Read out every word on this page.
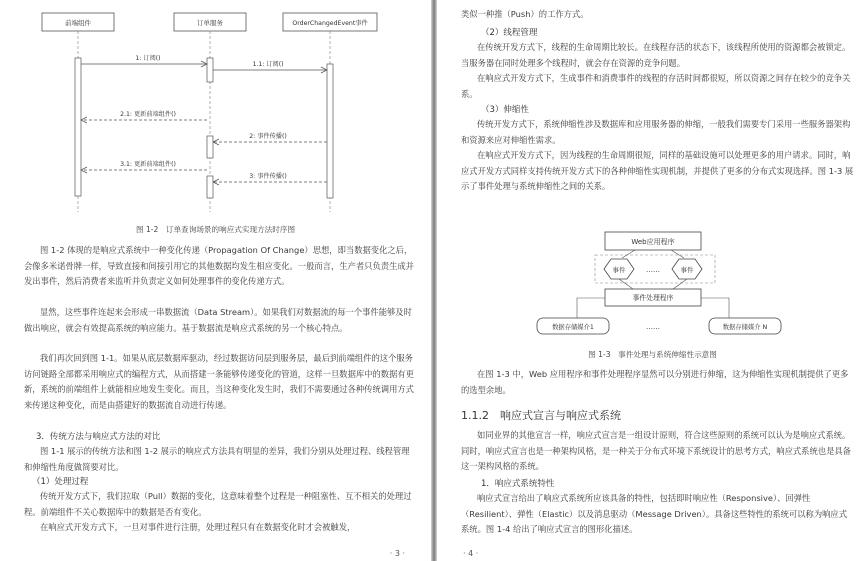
前端组件	订单服务	OrderChangedEvent事件
1: 订阅()
1.1: 订阅()
2: 事件传播()
2.1: 更新前端组件()
3: 事件传播()
3.1: 更新前端组件()
图 1-2　订单查询场景的响应式实现方法时序图

图 1-2 体现的是响应式系统中一种变化传递（Propagation Of Change）思想，即当数据变化之后，会像多米诺骨牌一样，导致直接和间接引用它的其他数据均发生相应变化。一般而言，生产者只负责生成并发出事件，然后消费者来监听并负责定义如何处理事件的变化传递方式。

显然，这些事件连起来会形成一串数据流（Data Stream）。如果我们对数据流的每一个事件能够及时做出响应，就会有效提高系统的响应能力。基于数据流是响应式系统的另一个核心特点。

我们再次回到图 1-1。如果从底层数据库驱动，经过数据访问层到服务层，最后到前端组件的这个服务访问链路全部都采用响应式的编程方式，从而搭建一条能够传递变化的管道，这样一旦数据库中的数据有更新，系统的前端组件上就能相应地发生变化。而且，当这种变化发生时，我们不需要通过各种传统调用方式来传递这种变化，而是由搭建好的数据流自动进行传递。

3．传统方法与响应式方法的对比

图 1-1 展示的传统方法和图 1-2 展示的响应式方法具有明显的差异，我们分别从处理过程、线程管理和伸缩性角度做简要对比。

（1）处理过程

传统开发方式下，我们拉取（Pull）数据的变化，这意味着整个过程是一种阻塞性、互不相关的处理过程。前端组件不关心数据库中的数据是否有变化。

在响应式开发方式下，一旦对事件进行注册，处理过程只有在数据变化时才会被触发，

· 3 ·

类似一种推（Push）的工作方式。

（2）线程管理

在传统开发方式下，线程的生命周期比较长。在线程存活的状态下，该线程所使用的资源都会被锁定。当服务器在同时处理多个线程时，就会存在资源的竞争问题。

在响应式开发方式下，生成事件和消费事件的线程的存活时间都很短，所以资源之间存在较少的竞争关系。

（3）伸缩性

传统开发方式下，系统伸缩性涉及数据库和应用服务器的伸缩，一般我们需要专门采用一些服务器架构和资源来应对伸缩性需求。

在响应式开发方式下，因为线程的生命周期很短，同样的基础设施可以处理更多的用户请求。同时，响应式开发方式同样支持传统开发方式下的各种伸缩性实现机制，并提供了更多的分布式实现选择。图 1-3 展示了事件处理与系统伸缩性之间的关系。

Web应用程序
事件	……	事件
事件处理程序
数据存储媒介1	……	数据存储媒介 N
图 1-3　事件处理与系统伸缩性示意图

在图 1-3 中，Web 应用程序和事件处理程序显然可以分别进行伸缩，这为伸缩性实现机制提供了更多的选型余地。

1.1.2　响应式宣言与响应式系统

如同业界的其他宣言一样，响应式宣言是一组设计原则，符合这些原则的系统可以认为是响应式系统。同时，响应式宣言也是一种架构风格，是一种关于分布式环境下系统设计的思考方式，响应式系统也是具备这一架构风格的系统。

1．响应式系统特性

响应式宣言给出了响应式系统所应该具备的特性，包括即时响应性（Responsive）、回弹性（Resilient）、弹性（Elastic）以及消息驱动（Message Driven）。具备这些特性的系统可以称为响应式系统。图 1-4 给出了响应式宣言的图形化描述。

· 4 ·
